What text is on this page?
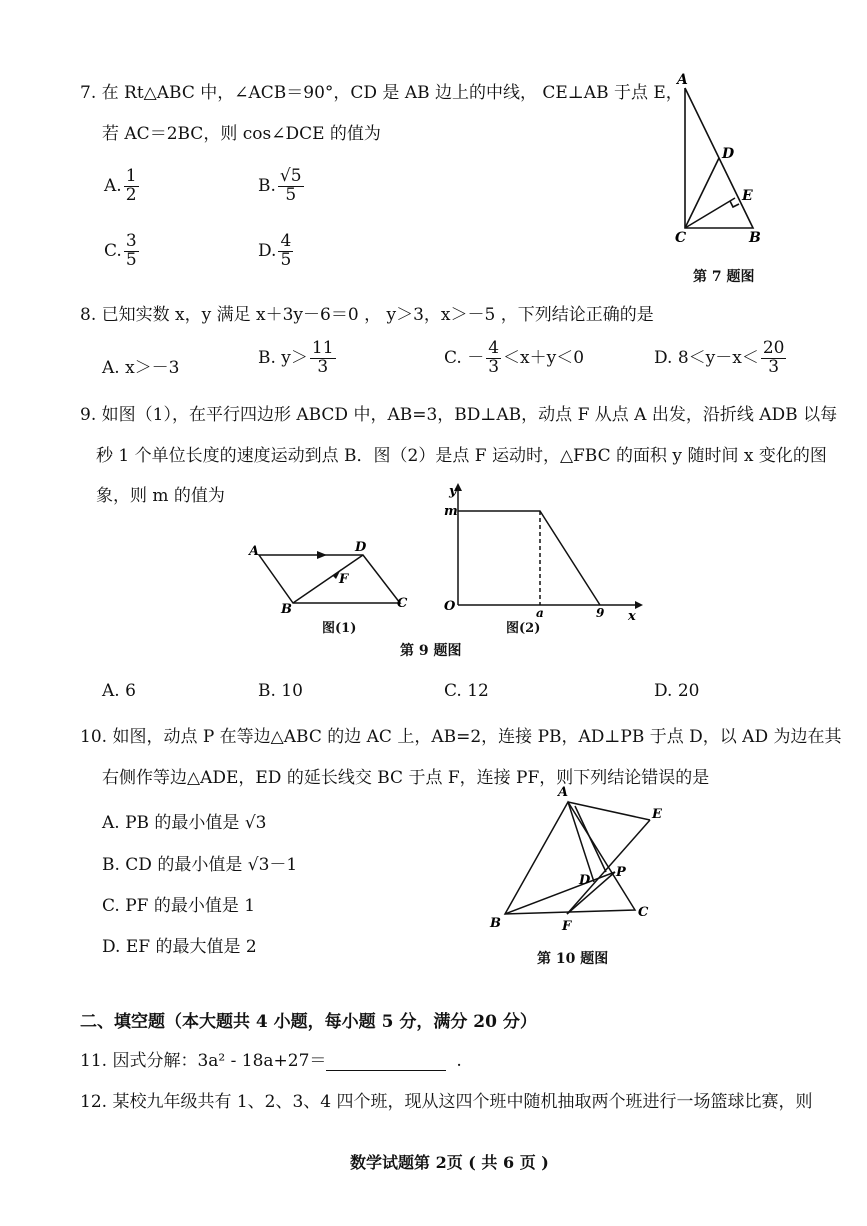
7. 在 Rt△ABC 中，∠ACB＝90°，CD 是 AB 边上的中线， CE⊥AB 于点 E，
若 AC＝2BC，则 cos∠DCE 的值为
A. $\frac{1}{2}$	B. $\frac{√5}{5}$
C. $\frac{3}{5}$	D. $\frac{4}{5}$
A
D
E
C	B
第 7 题图
8. 已知实数 x，y 满足 x＋3y－6＝0 ， y＞3，x＞－5 ，下列结论正确的是
A. x＞－3
B. $y> \frac{11}{3}$	C. － $\frac{4}{3} <x+y<0$	D. $8<y-x< \frac{20}{3}$
9. 如图（1），在平行四边形 ABCD 中，AB=3，BD⊥AB，动点 F 从点 A 出发，沿折线 ADB 以每
秒 1 个单位长度的速度运动到点 B．图（2）是点 F 运动时，△FBC 的面积 y 随时间 x 变化的图
象，则 m 的值为
A	D
F
B	C
图(1)
y
m
O	a	9 x
图(2)
第 9 题图
A. 6	B. 10	C. 12	D. 20
10. 如图，动点 P 在等边△ABC 的边 AC 上，AB=2，连接 PB，AD⊥PB 于点 D，以 AD 为边在其
右侧作等边△ADE，ED 的延长线交 BC 于点 F，连接 PF，则下列结论错误的是
A. PB 的最小值是 √3
B. CD 的最小值是 √3－1
C. PF 的最小值是 1
D. EF 的最大值是 2
A
E
D
P
B	F
C
第 10 题图
二、填空题（本大题共 4 小题，每小题 5 分，满分 20 分）
11. 因式分解：3a² - 18a+27＝	.
12. 某校九年级共有 1、2、3、4 四个班，现从这四个班中随机抽取两个班进行一场篮球比赛，则
数学试题第 2页 ( 共 6 页 )
